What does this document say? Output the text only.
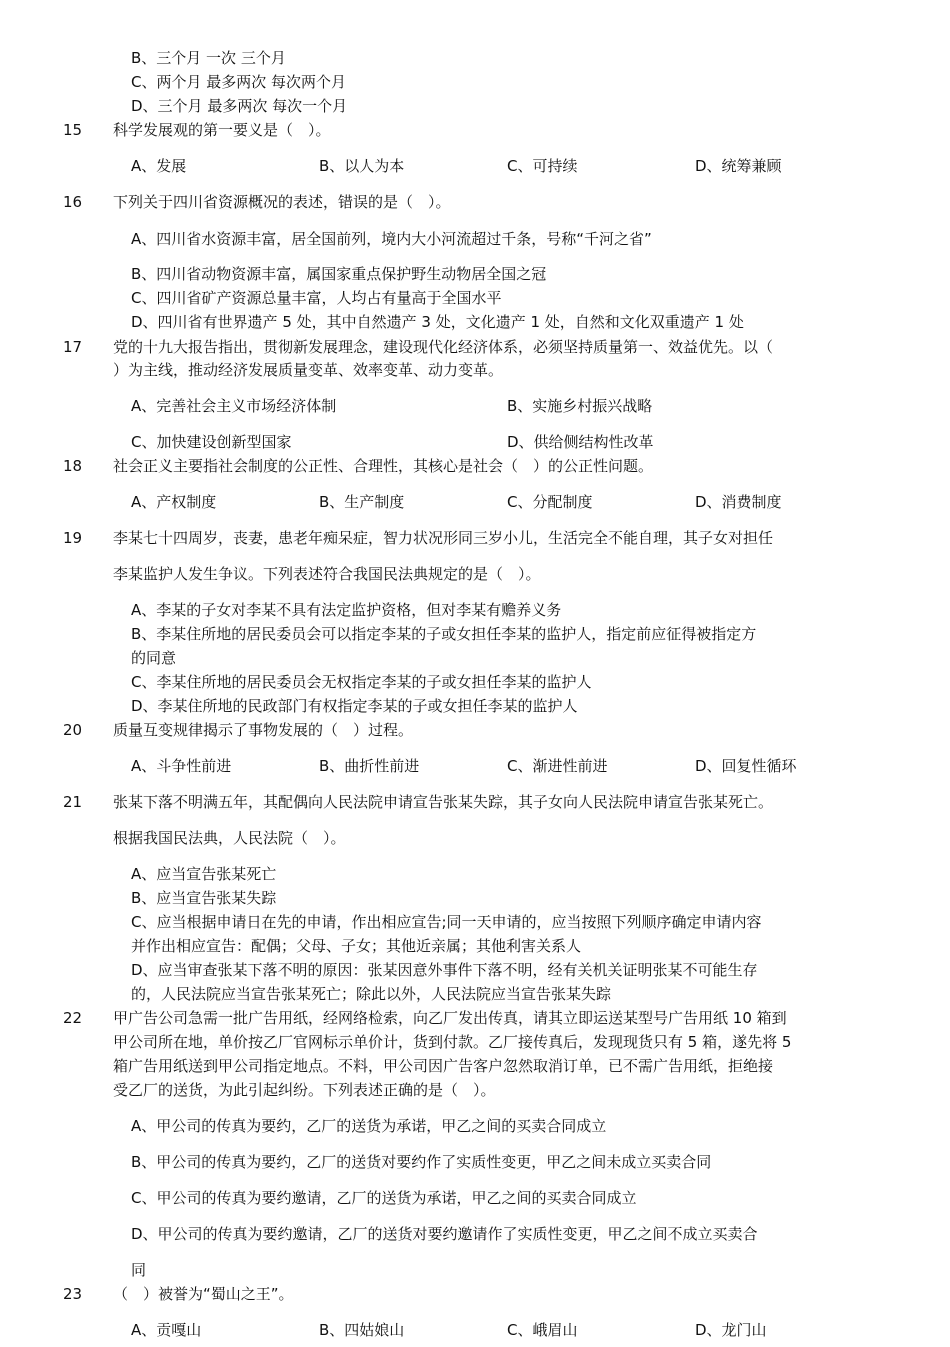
B、三个月 一次 三个月
C、两个月 最多两次 每次两个月
D、三个月 最多两次 每次一个月
15 科学发展观的第一要义是（　）。
A、发展	B、以人为本	C、可持续	D、统筹兼顾
16 下列关于四川省资源概况的表述，错误的是（　）。
A、四川省水资源丰富，居全国前列，境内大小河流超过千条，号称“千河之省”
B、四川省动物资源丰富，属国家重点保护野生动物居全国之冠
C、四川省矿产资源总量丰富，人均占有量高于全国水平
D、四川省有世界遗产 5 处，其中自然遗产 3 处，文化遗产 1 处，自然和文化双重遗产 1 处
17 党的十九大报告指出，贯彻新发展理念，建设现代化经济体系，必须坚持质量第一、效益优先。以（
）为主线，推动经济发展质量变革、效率变革、动力变革。
A、完善社会主义市场经济体制	B、实施乡村振兴战略
C、加快建设创新型国家	D、供给侧结构性改革
18 社会正义主要指社会制度的公正性、合理性，其核心是社会（　）的公正性问题。
A、产权制度	B、生产制度	C、分配制度	D、消费制度
19 李某七十四周岁，丧妻，患老年痴呆症，智力状况形同三岁小儿，生活完全不能自理，其子女对担任
李某监护人发生争议。下列表述符合我国民法典规定的是（　）。
A、李某的子女对李某不具有法定监护资格，但对李某有赡养义务
B、李某住所地的居民委员会可以指定李某的子或女担任李某的监护人，指定前应征得被指定方
的同意
C、李某住所地的居民委员会无权指定李某的子或女担任李某的监护人
D、李某住所地的民政部门有权指定李某的子或女担任李某的监护人
20 质量互变规律揭示了事物发展的（　）过程。
A、斗争性前进	B、曲折性前进	C、渐进性前进	D、回复性循环
21 张某下落不明满五年，其配偶向人民法院申请宣告张某失踪，其子女向人民法院申请宣告张某死亡。
根据我国民法典，人民法院（　）。
A、应当宣告张某死亡
B、应当宣告张某失踪
C、应当根据申请日在先的申请，作出相应宣告;同一天申请的，应当按照下列顺序确定申请内容
并作出相应宣告：配偶；父母、子女；其他近亲属；其他利害关系人
D、应当审查张某下落不明的原因：张某因意外事件下落不明，经有关机关证明张某不可能生存
的，人民法院应当宣告张某死亡；除此以外，人民法院应当宣告张某失踪
22 甲广告公司急需一批广告用纸，经网络检索，向乙厂发出传真，请其立即运送某型号广告用纸 10 箱到
甲公司所在地，单价按乙厂官网标示单价计，货到付款。乙厂接传真后，发现现货只有 5 箱，遂先将 5
箱广告用纸送到甲公司指定地点。不料，甲公司因广告客户忽然取消订单，已不需广告用纸，拒绝接
受乙厂的送货，为此引起纠纷。下列表述正确的是（　）。
A、甲公司的传真为要约，乙厂的送货为承诺，甲乙之间的买卖合同成立
B、甲公司的传真为要约，乙厂的送货对要约作了实质性变更，甲乙之间未成立买卖合同
C、甲公司的传真为要约邀请，乙厂的送货为承诺，甲乙之间的买卖合同成立
D、甲公司的传真为要约邀请，乙厂的送货对要约邀请作了实质性变更，甲乙之间不成立买卖合
同
23 （　）被誉为“蜀山之王”。
A、贡嘎山	B、四姑娘山	C、峨眉山	D、龙门山
